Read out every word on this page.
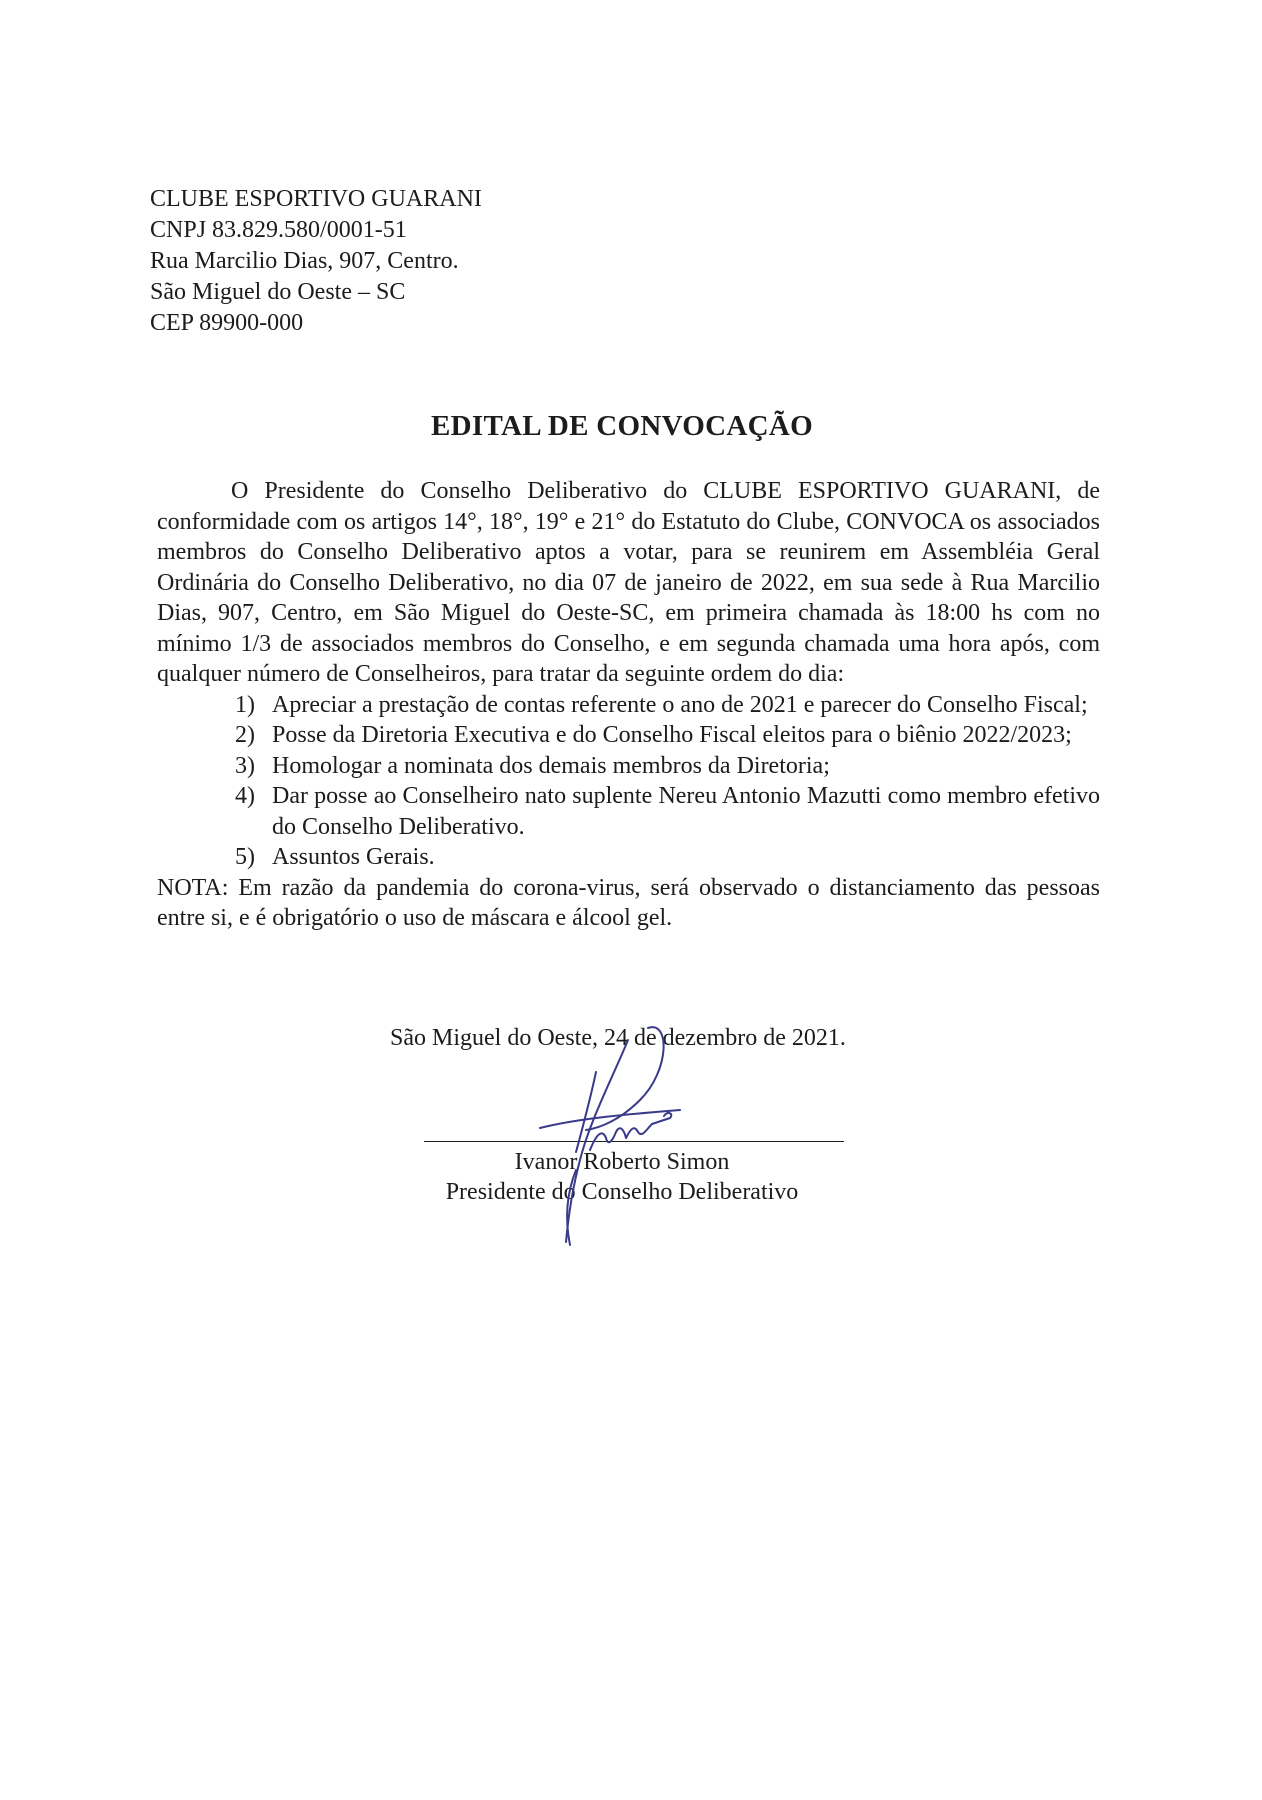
CLUBE ESPORTIVO GUARANI
CNPJ 83.829.580/0001-51
Rua Marcilio Dias, 907, Centro.
São Miguel do Oeste – SC
CEP 89900-000
EDITAL DE CONVOCAÇÃO

O Presidente do Conselho Deliberativo do CLUBE ESPORTIVO GUARANI, de conformidade com os artigos 14°, 18°, 19° e 21° do Estatuto do Clube, CONVOCA os associados membros do Conselho Deliberativo aptos a votar, para se reunirem em Assembléia Geral Ordinária do Conselho Deliberativo, no dia 07 de janeiro de 2022, em sua sede à Rua Marcilio Dias, 907, Centro, em São Miguel do Oeste-SC, em primeira chamada às 18:00 hs com no mínimo 1/3 de associados membros do Conselho, e em segunda chamada uma hora após, com qualquer número de Conselheiros, para tratar da seguinte ordem do dia:

1) Apreciar a prestação de contas referente o ano de 2021 e parecer do Conselho Fiscal;
2) Posse da Diretoria Executiva e do Conselho Fiscal eleitos para o biênio 2022/2023;
3) Homologar a nominata dos demais membros da Diretoria;
4) Dar posse ao Conselheiro nato suplente Nereu Antonio Mazutti como membro efetivo do Conselho Deliberativo.
5) Assuntos Gerais.

NOTA: Em razão da pandemia do corona-virus, será observado o distanciamento das pessoas entre si, e é obrigatório o uso de máscara e álcool gel.

São Miguel do Oeste, 24 de dezembro de 2021.
Ivanor Roberto Simon
Presidente do Conselho Deliberativo
